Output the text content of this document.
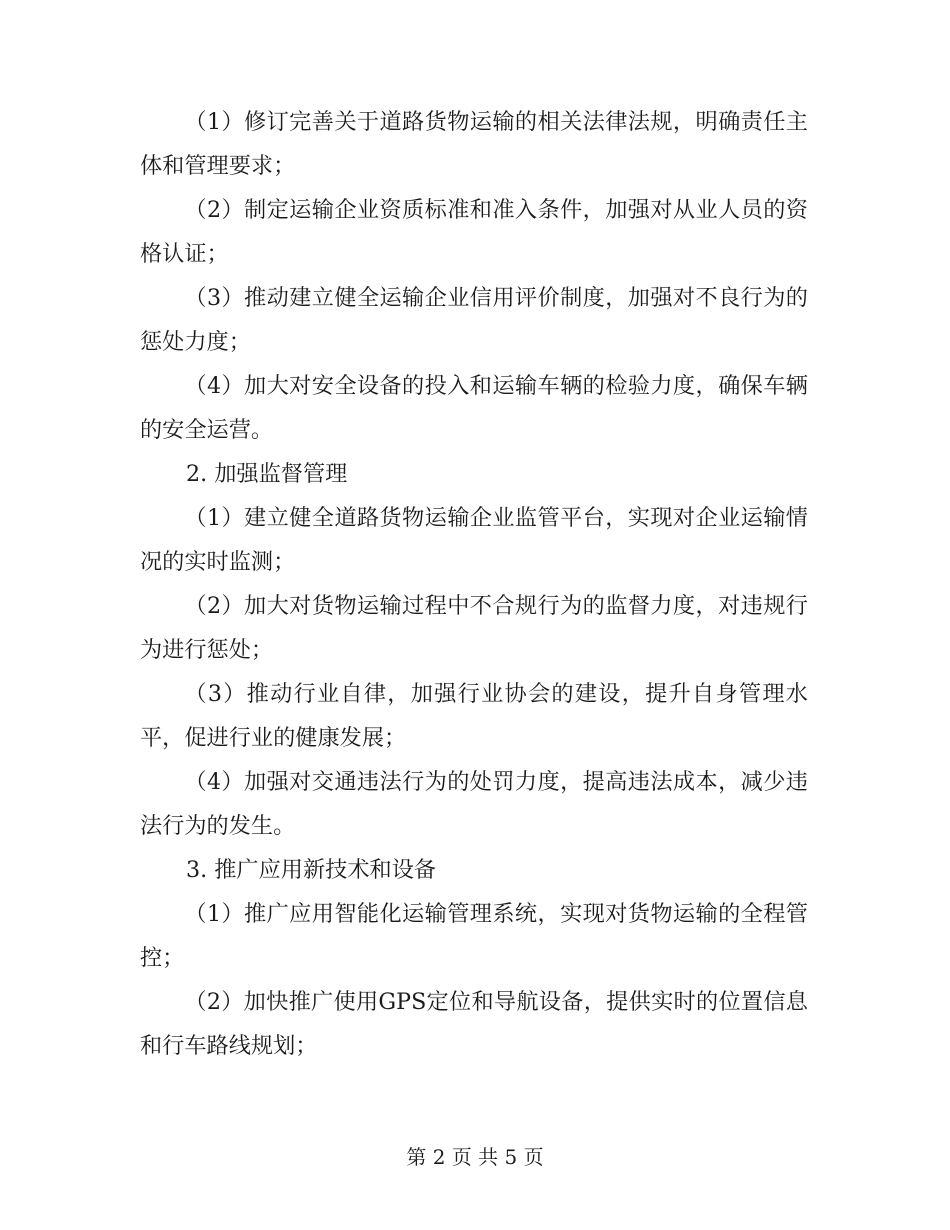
（1）修订完善关于道路货物运输的相关法律法规，明确责任主体和管理要求；

（2）制定运输企业资质标准和准入条件，加强对从业人员的资格认证；

（3）推动建立健全运输企业信用评价制度，加强对不良行为的惩处力度；

（4）加大对安全设备的投入和运输车辆的检验力度，确保车辆的安全运营。

2. 加强监督管理

（1）建立健全道路货物运输企业监管平台，实现对企业运输情况的实时监测；

（2）加大对货物运输过程中不合规行为的监督力度，对违规行为进行惩处；

（3）推动行业自律，加强行业协会的建设，提升自身管理水平，促进行业的健康发展；

（4）加强对交通违法行为的处罚力度，提高违法成本，减少违法行为的发生。

3. 推广应用新技术和设备

（1）推广应用智能化运输管理系统，实现对货物运输的全程管控；

（2）加快推广使用GPS定位和导航设备，提供实时的位置信息和行车路线规划；

第 2 页 共 5 页
